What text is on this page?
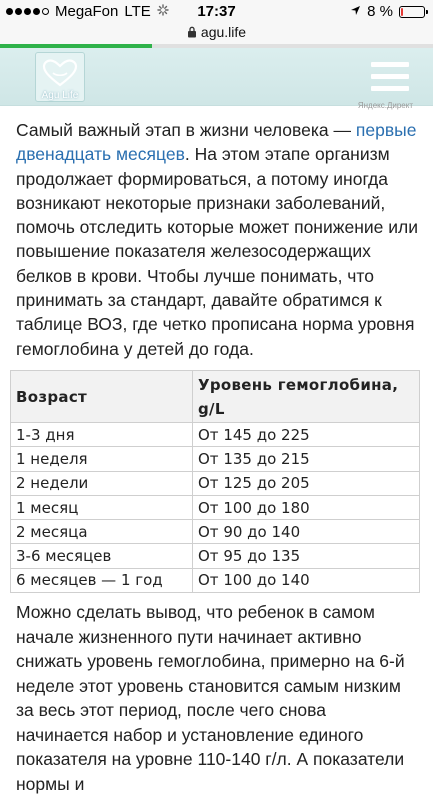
MegaFon LTE	17:37	8 %
agu.life
Agu Life
Яндекс.Директ
Самый важный этап в жизни человека — первые двенадцать месяцев. На этом этапе организм продолжает формироваться, а потому иногда возникают некоторые признаки заболеваний, помочь отследить которые может понижение или повышение показателя железосодержащих белков в крови. Чтобы лучше понимать, что принимать за стандарт, давайте обратимся к таблице ВОЗ, где четко прописана норма уровня гемоглобина у детей до года.
Возраст	Уровень гемоглобина, g/L
1-3 дня	От 145 до 225
1 неделя	От 135 до 215
2 недели	От 125 до 205
1 месяц	От 100 до 180
2 месяца	От 90 до 140
3-6 месяцев	От 95 до 135
6 месяцев — 1 год	От 100 до 140
Можно сделать вывод, что ребенок в самом начале жизненного пути начинает активно снижать уровень гемоглобина, примерно на 6-й неделе этот уровень становится самым низким за весь этот период, после чего снова начинается набор и установление единого показателя на уровне 110-140 г/л. А показатели нормы и
